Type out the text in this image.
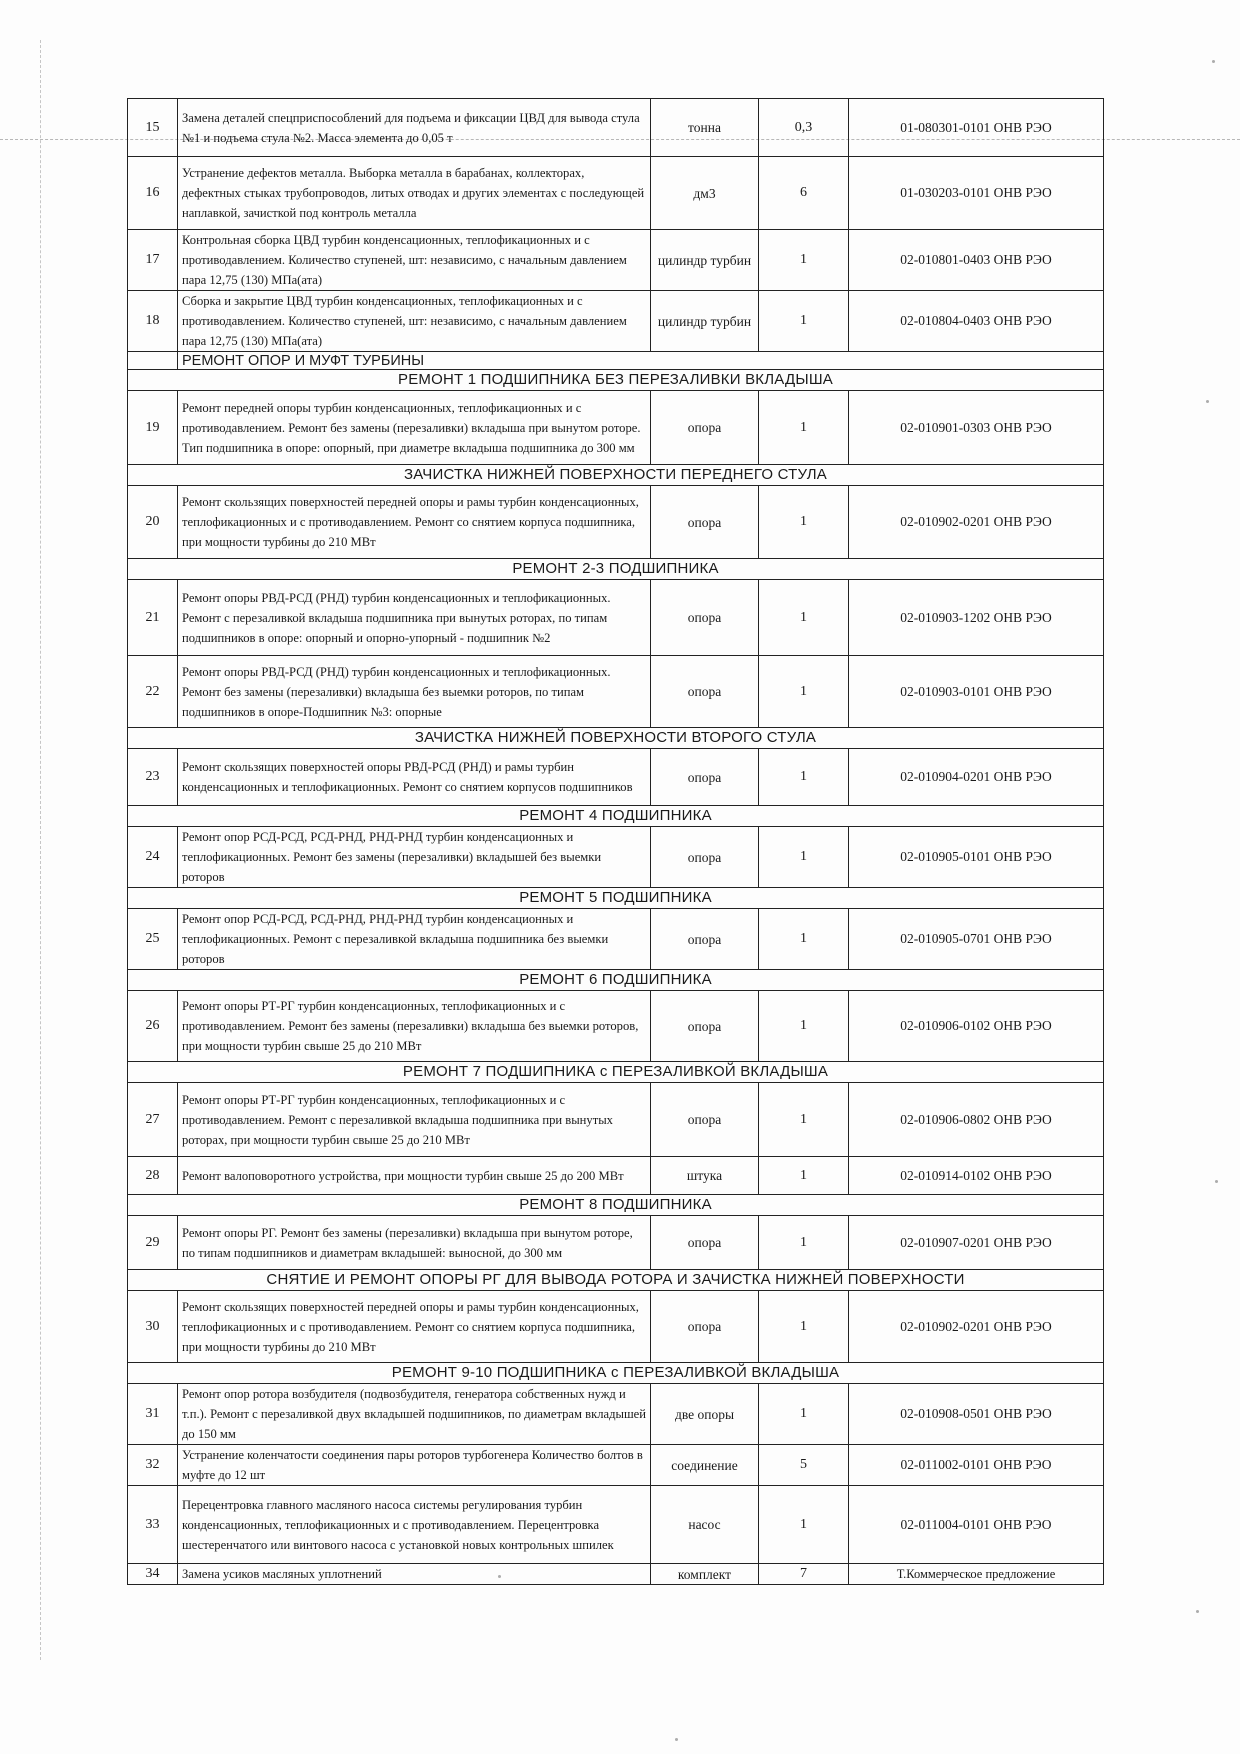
15	Замена деталей спецприспособлений для подъема и фиксации ЦВД для вывода стула №1 и подъема стула №2. Масса элемента до 0,05 т	тонна	0,3	01-080301-0101 ОНВ РЭО
16	Устранение дефектов металла. Выборка металла в барабанах, коллекторах, дефектных стыках трубопроводов, литых отводах и других элементах с последующей наплавкой, зачисткой под контроль металла	дм3	6	01-030203-0101 ОНВ РЭО
17	Контрольная сборка ЦВД турбин конденсационных, теплофикационных и с противодавлением. Количество ступеней, шт: независимо, с начальным давлением пара 12,75 (130) МПа(ата)	цилиндр турбин	1	02-010801-0403 ОНВ РЭО
18	Сборка и закрытие ЦВД турбин конденсационных, теплофикационных и с противодавлением. Количество ступеней, шт: независимо, с начальным давлением пара 12,75 (130) МПа(ата)	цилиндр турбин	1	02-010804-0403 ОНВ РЭО
	РЕМОНТ ОПОР И МУФТ ТУРБИНЫ			
РЕМОНТ 1 ПОДШИПНИКА БЕЗ ПЕРЕЗАЛИВКИ ВКЛАДЫША				
19	Ремонт передней опоры турбин конденсационных, теплофикационных и с противодавлением. Ремонт без замены (перезаливки) вкладыша при вынутом роторе. Тип подшипника в опоре: опорный, при диаметре вкладыша подшипника до 300 мм	опора	1	02-010901-0303 ОНВ РЭО
ЗАЧИСТКА НИЖНЕЙ ПОВЕРХНОСТИ ПЕРЕДНЕГО СТУЛА				
20	Ремонт скользящих поверхностей передней опоры и рамы турбин конденсационных, теплофикационных и с противодавлением. Ремонт со снятием корпуса подшипника, при мощности турбины до 210 МВт	опора	1	02-010902-0201 ОНВ РЭО
РЕМОНТ 2-3 ПОДШИПНИКА				
21	Ремонт опоры РВД-РСД (РНД) турбин конденсационных и теплофикационных. Ремонт с перезаливкой вкладыша подшипника при вынутых роторах, по типам подшипников в опоре: опорный и опорно-упорный - подшипник №2	опора	1	02-010903-1202 ОНВ РЭО
22	Ремонт опоры РВД-РСД (РНД) турбин конденсационных и теплофикационных. Ремонт без замены (перезаливки) вкладыша без выемки роторов, по типам подшипников в опоре-Подшипник №3: опорные	опора	1	02-010903-0101 ОНВ РЭО
ЗАЧИСТКА НИЖНЕЙ ПОВЕРХНОСТИ ВТОРОГО СТУЛА				
23	Ремонт скользящих поверхностей опоры РВД-РСД (РНД) и рамы турбин конденсационных и теплофикационных. Ремонт со снятием корпусов подшипников	опора	1	02-010904-0201 ОНВ РЭО
РЕМОНТ 4 ПОДШИПНИКА				
24	Ремонт опор РСД-РСД, РСД-РНД, РНД-РНД турбин конденсационных и теплофикационных. Ремонт без замены (перезаливки) вкладышей без выемки роторов	опора	1	02-010905-0101 ОНВ РЭО
РЕМОНТ 5 ПОДШИПНИКА				
25	Ремонт опор РСД-РСД, РСД-РНД, РНД-РНД турбин конденсационных и теплофикационных. Ремонт с перезаливкой вкладыша подшипника без выемки роторов	опора	1	02-010905-0701 ОНВ РЭО
РЕМОНТ 6 ПОДШИПНИКА				
26	Ремонт опоры РТ-РГ турбин конденсационных, теплофикационных и с противодавлением. Ремонт без замены (перезаливки) вкладыша без выемки роторов, при мощности турбин свыше 25 до 210 МВт	опора	1	02-010906-0102 ОНВ РЭО
РЕМОНТ 7 ПОДШИПНИКА с ПЕРЕЗАЛИВКОЙ ВКЛАДЫША				
27	Ремонт опоры РТ-РГ турбин конденсационных, теплофикационных и с противодавлением. Ремонт с перезаливкой вкладыша подшипника при вынутых роторах, при мощности турбин свыше 25 до 210 МВт	опора	1	02-010906-0802 ОНВ РЭО
28	Ремонт валоповоротного устройства, при мощности турбин свыше 25 до 200 МВт	штука	1	02-010914-0102 ОНВ РЭО
РЕМОНТ 8 ПОДШИПНИКА				
29	Ремонт опоры РГ. Ремонт без замены (перезаливки) вкладыша при вынутом роторе, по типам подшипников и диаметрам вкладышей: выносной, до 300 мм	опора	1	02-010907-0201 ОНВ РЭО
СНЯТИЕ И РЕМОНТ ОПОРЫ РГ ДЛЯ ВЫВОДА РОТОРА И ЗАЧИСТКА НИЖНЕЙ ПОВЕРХНОСТИ				
30	Ремонт скользящих поверхностей передней опоры и рамы турбин конденсационных, теплофикационных и с противодавлением. Ремонт со снятием корпуса подшипника, при мощности турбины до 210 МВт	опора	1	02-010902-0201 ОНВ РЭО
РЕМОНТ 9-10 ПОДШИПНИКА с ПЕРЕЗАЛИВКОЙ ВКЛАДЫША				
31	Ремонт опор ротора возбудителя (подвозбудителя, генератора собственных нужд и т.п.). Ремонт с перезаливкой двух вкладышей подшипников, по диаметрам вкладышей до 150 мм	две опоры	1	02-010908-0501 ОНВ РЭО
32	Устранение коленчатости соединения пары роторов турбогенера Количество болтов в муфте до 12 шт	соединение	5	02-011002-0101 ОНВ РЭО
33	Перецентровка главного масляного насоса системы регулирования турбин конденсационных, теплофикационных и с противодавлением. Перецентровка шестеренчатого или винтового насоса с установкой новых контрольных шпилек	насос	1	02-011004-0101 ОНВ РЭО
34	Замена усиков масляных уплотнений	комплект	7	Т.Коммерческое предложение
